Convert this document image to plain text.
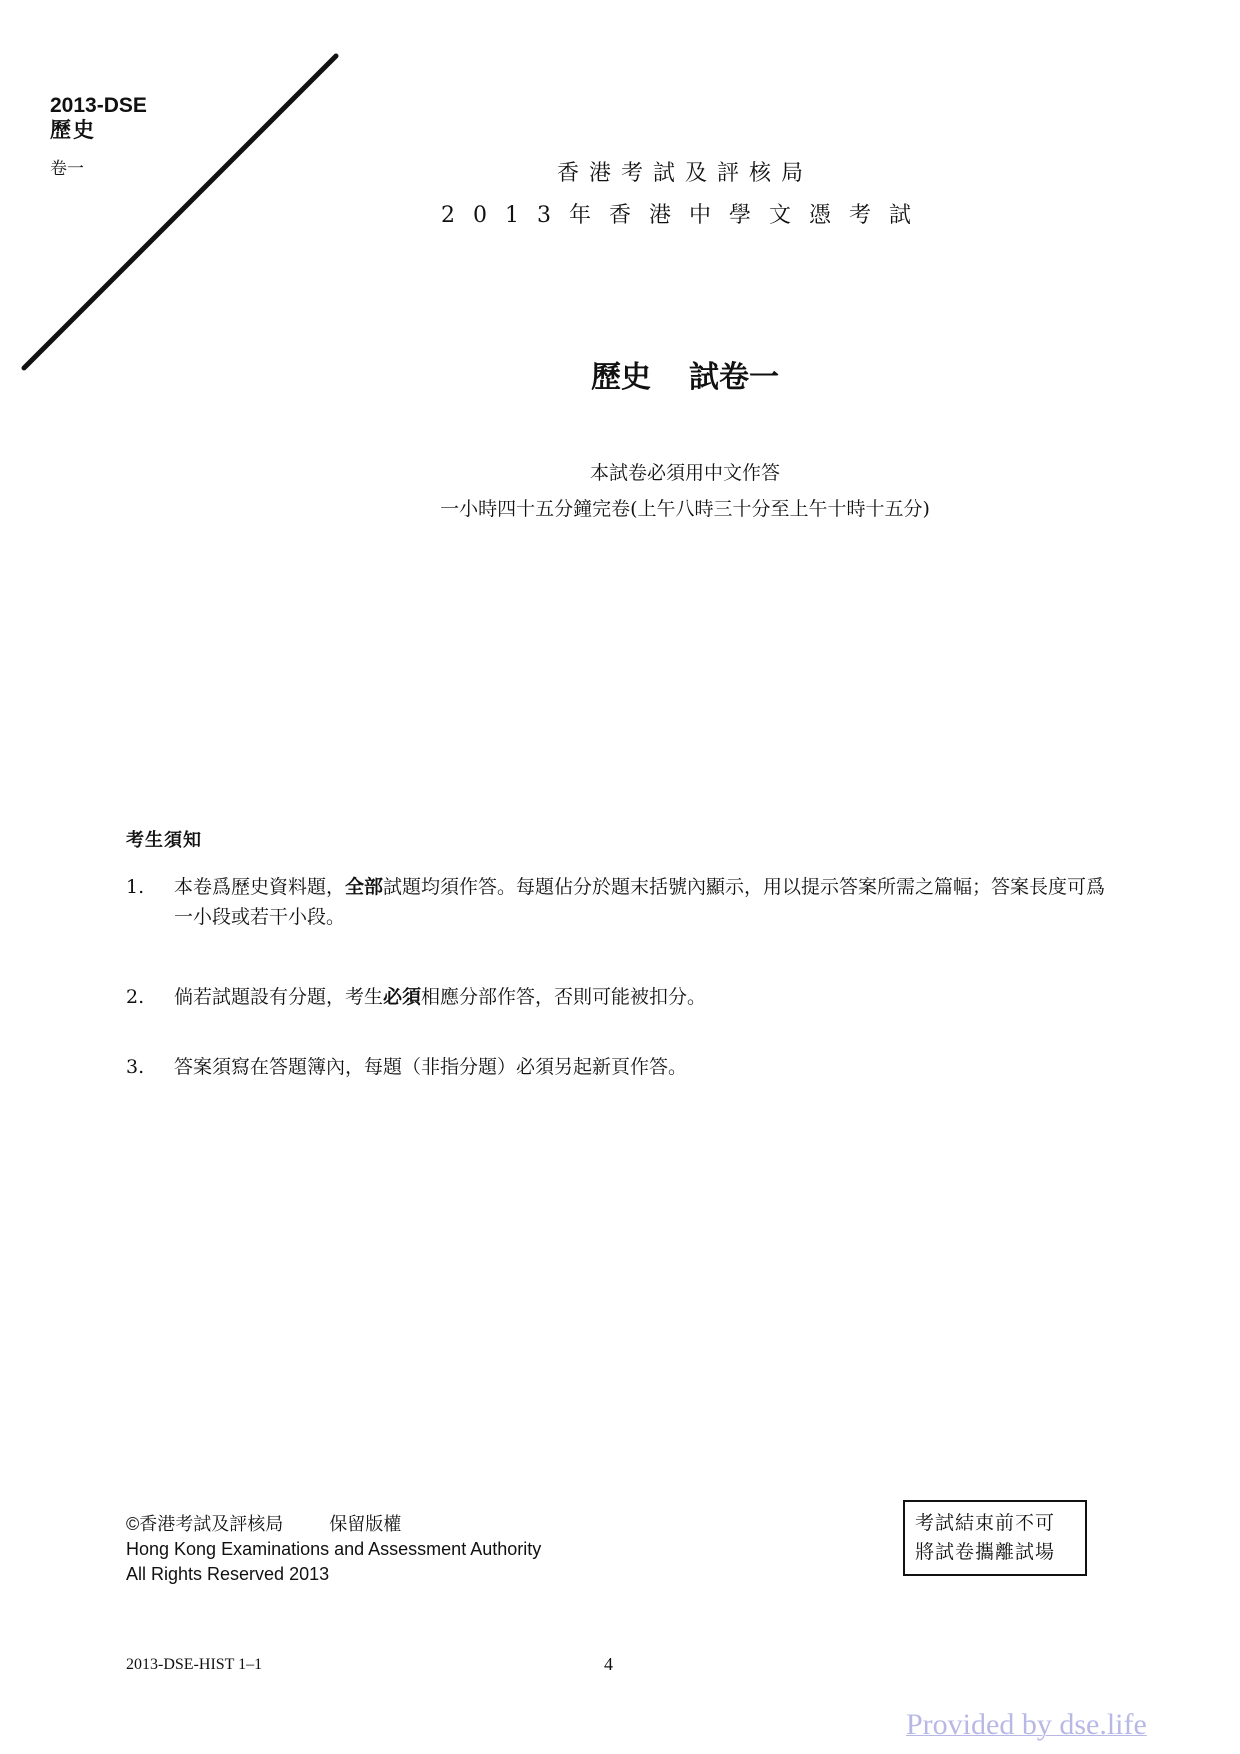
2013-DSE
歷史
卷一	香港考試及評核局
2013年香港中學文憑考試
歷史 試卷一
本試卷必須用中文作答
一小時四十五分鐘完卷(上午八時三十分至上午十時十五分)
考生須知
1.	本卷爲歷史資料題，全部試題均須作答。每題佔分於題末括號內顯示，用以提示答案所需之篇幅；答案長度可爲一小段或若干小段。
2.	倘若試題設有分題，考生必須相應分部作答，否則可能被扣分。
3.	答案須寫在答題簿內，每題（非指分題）必須另起新頁作答。
©香港考試及評核局	保留版權
Hong Kong Examinations and Assessment Authority
All Rights Reserved 2013
考試結束前不可
將試卷攜離試場
2013-DSE-HIST 1–1	4
Provided by dse.life
